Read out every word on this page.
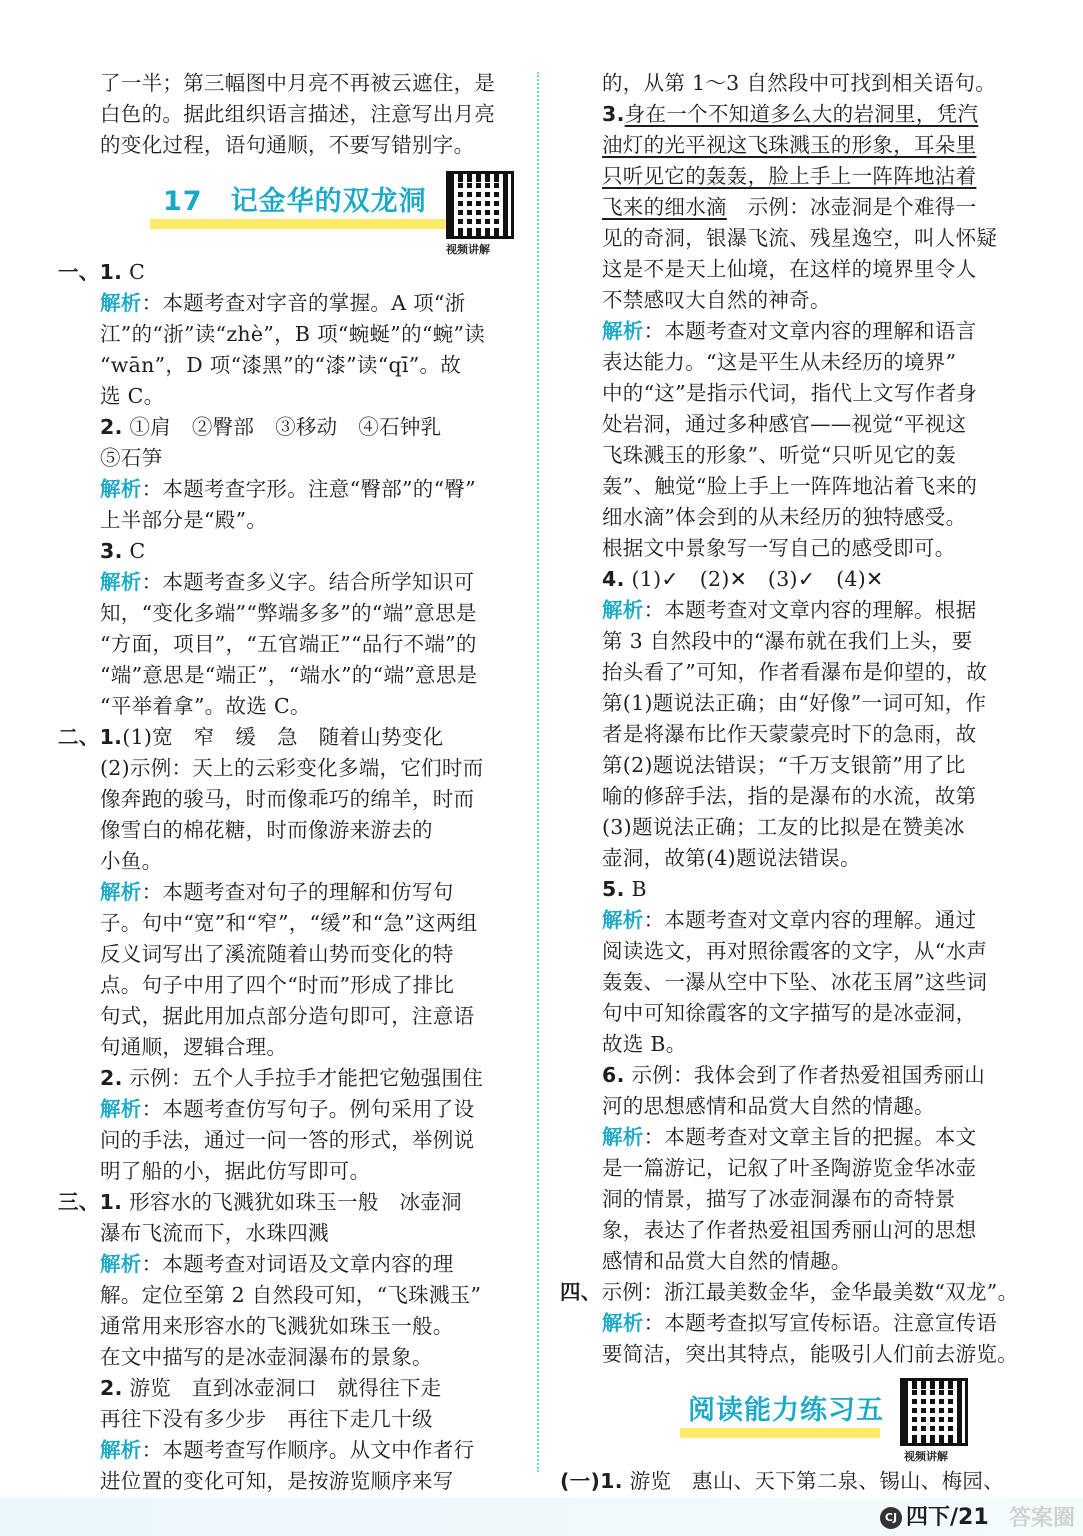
了一半；第三幅图中月亮不再被云遮住，是
白色的。据此组织语言描述，注意写出月亮
的变化过程，语句通顺，不要写错别字。
17　记金华的双龙洞
视频讲解
一、1. C
解析：本题考查对字音的掌握。A 项“浙
江”的“浙”读“zhè”，B 项“蜿蜒”的“蜿”读
“wān”，D 项“漆黑”的“漆”读“qī”。故
选 C。
2. ①肩　②臀部　③移动　④石钟乳
⑤石笋
解析：本题考查字形。注意“臀部”的“臀”
上半部分是“殿”。
3. C
解析：本题考查多义字。结合所学知识可
知，“变化多端”“弊端多多”的“端”意思是
“方面，项目”，“五官端正”“品行不端”的
“端”意思是“端正”，“端水”的“端”意思是
“平举着拿”。故选 C。
二、1.(1)宽　窄　缓　急　随着山势变化
(2)示例：天上的云彩变化多端，它们时而
像奔跑的骏马，时而像乖巧的绵羊，时而
像雪白的棉花糖，时而像游来游去的
小鱼。
解析：本题考查对句子的理解和仿写句
子。句中“宽”和“窄”，“缓”和“急”这两组
反义词写出了溪流随着山势而变化的特
点。句子中用了四个“时而”形成了排比
句式，据此用加点部分造句即可，注意语
句通顺，逻辑合理。
2. 示例：五个人手拉手才能把它勉强围住
解析：本题考查仿写句子。例句采用了设
问的手法，通过一问一答的形式，举例说
明了船的小，据此仿写即可。
三、1. 形容水的飞溅犹如珠玉一般　冰壶洞
瀑布飞流而下，水珠四溅
解析：本题考查对词语及文章内容的理
解。定位至第 2 自然段可知，“飞珠溅玉”
通常用来形容水的飞溅犹如珠玉一般。
在文中描写的是冰壶洞瀑布的景象。
2. 游览　直到冰壶洞口　就得往下走
再往下没有多少步　再往下走几十级
解析：本题考查写作顺序。从文中作者行
进位置的变化可知，是按游览顺序来写
的，从第 1～3 自然段中可找到相关语句。
3.身在一个不知道多么大的岩洞里，凭汽
油灯的光平视这飞珠溅玉的形象，耳朵里
只听见它的轰轰，脸上手上一阵阵地沾着
飞来的细水滴　示例：冰壶洞是个难得一
见的奇洞，银瀑飞流、残星逸空，叫人怀疑
这是不是天上仙境，在这样的境界里令人
不禁感叹大自然的神奇。
解析：本题考查对文章内容的理解和语言
表达能力。“这是平生从未经历的境界”
中的“这”是指示代词，指代上文写作者身
处岩洞，通过多种感官——视觉“平视这
飞珠溅玉的形象”、听觉“只听见它的轰
轰”、触觉“脸上手上一阵阵地沾着飞来的
细水滴”体会到的从未经历的独特感受。
根据文中景象写一写自己的感受即可。
4. (1)✓　(2)✕　(3)✓　(4)✕
解析：本题考查对文章内容的理解。根据
第 3 自然段中的“瀑布就在我们上头，要
抬头看了”可知，作者看瀑布是仰望的，故
第(1)题说法正确；由“好像”一词可知，作
者是将瀑布比作天蒙蒙亮时下的急雨，故
第(2)题说法错误；“千万支银箭”用了比
喻的修辞手法，指的是瀑布的水流，故第
(3)题说法正确；工友的比拟是在赞美冰
壶洞，故第(4)题说法错误。
5. B
解析：本题考查对文章内容的理解。通过
阅读选文，再对照徐霞客的文字，从“水声
轰轰、一瀑从空中下坠、冰花玉屑”这些词
句中可知徐霞客的文字描写的是冰壶洞，
故选 B。
6. 示例：我体会到了作者热爱祖国秀丽山
河的思想感情和品赏大自然的情趣。
解析：本题考查对文章主旨的把握。本文
是一篇游记，记叙了叶圣陶游览金华冰壶
洞的情景，描写了冰壶洞瀑布的奇特景
象，表达了作者热爱祖国秀丽山河的思想
感情和品赏大自然的情趣。
四、示例：浙江最美数金华，金华最美数“双龙”。
解析：本题考查拟写宣传标语。注意宣传语
要简洁，突出其特点，能吸引人们前去游览。
阅读能力练习五
视频讲解
(一)1. 游览　惠山、天下第二泉、锡山、梅园、
CJ 四下/21 答案圈
